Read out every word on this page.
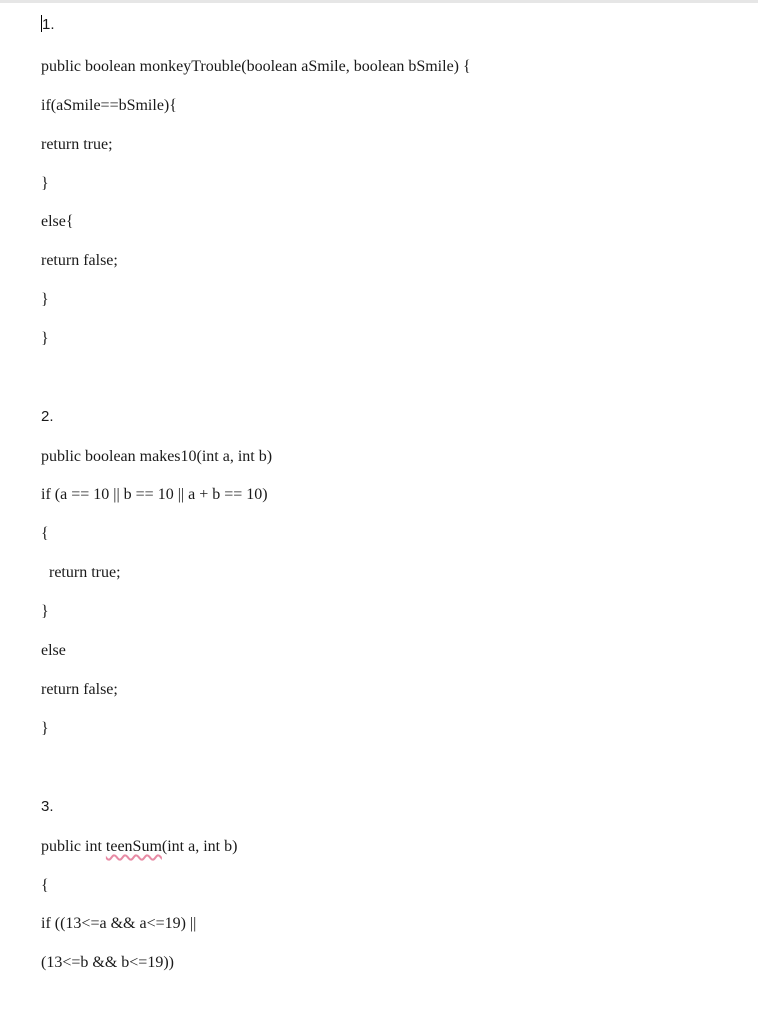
1.
public boolean monkeyTrouble(boolean aSmile, boolean bSmile) {
if(aSmile==bSmile){
return true;
}
else{
return false;
}
}
2.
public boolean makes10(int a, int b)
if (a == 10 || b == 10 || a + b == 10)
{
return true;
}
else
return false;
}
3.
public int teenSum(int a, int b)
{
if ((13<=a && a<=19) ||
(13<=b && b<=19))
